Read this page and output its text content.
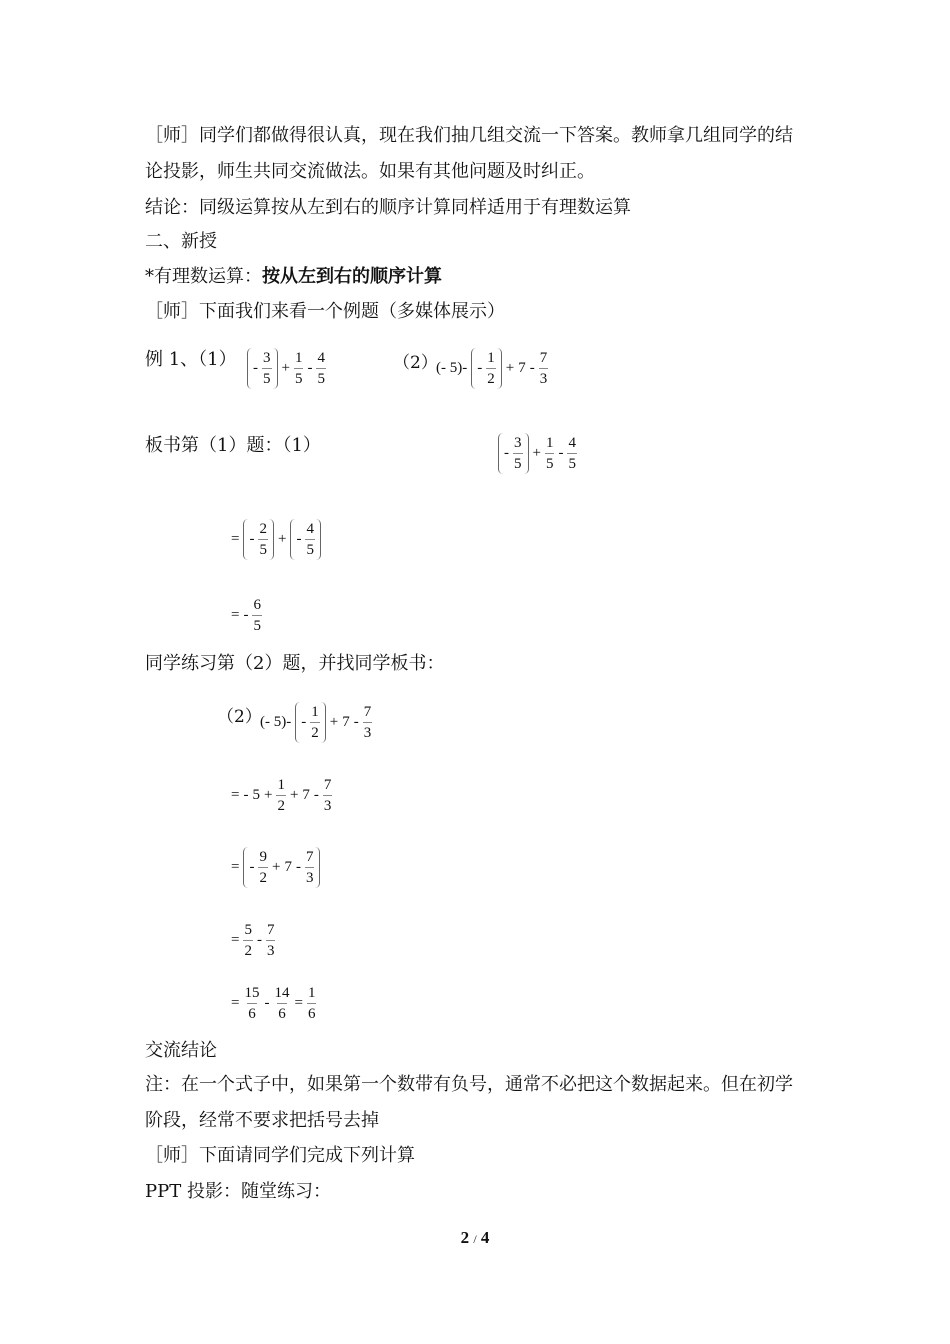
［师］同学们都做得很认真，现在我们抽几组交流一下答案。教师拿几组同学的结
论投影，师生共同交流做法。如果有其他问题及时纠正。
结论：同级运算按从左到右的顺序计算同样适用于有理数运算
二、新授
*有理数运算：按从左到右的顺序计算
［师］下面我们来看一个例题（多媒体展示）
例 1、$(1) - \frac{3}{5} + \frac{1}{5} - \frac{4}{5}$	（2）
(- $5)- - \frac{1}{2} + 7 - \frac{7}{3}$
板书第（1）题：（1）	- $\frac{3}{5} + \frac{1}{5} - \frac{4}{5}$
= - $\frac{2}{5}$ + - $\frac{4}{5}$
= - $\frac{6}{5}$
同学练习第（2）题，并找同学板书：
（2）
(- $5)- - \frac{1}{2} + 7 - \frac{7}{3}$
= - $5 + \frac{1}{2} + 7 - \frac{7}{3}$
= - $\frac{9}{2} + 7 - \frac{7}{3}$
= $\frac{5}{2} - \frac{7}{3}$
= $\frac{15}{6} - \frac{14}{6} = \frac{1}{6}$
交流结论
注：在一个式子中，如果第一个数带有负号，通常不必把这个数据起来。但在初学
阶段，经常不要求把括号去掉
［师］下面请同学们完成下列计算
PPT 投影：随堂练习：
2 / 4
